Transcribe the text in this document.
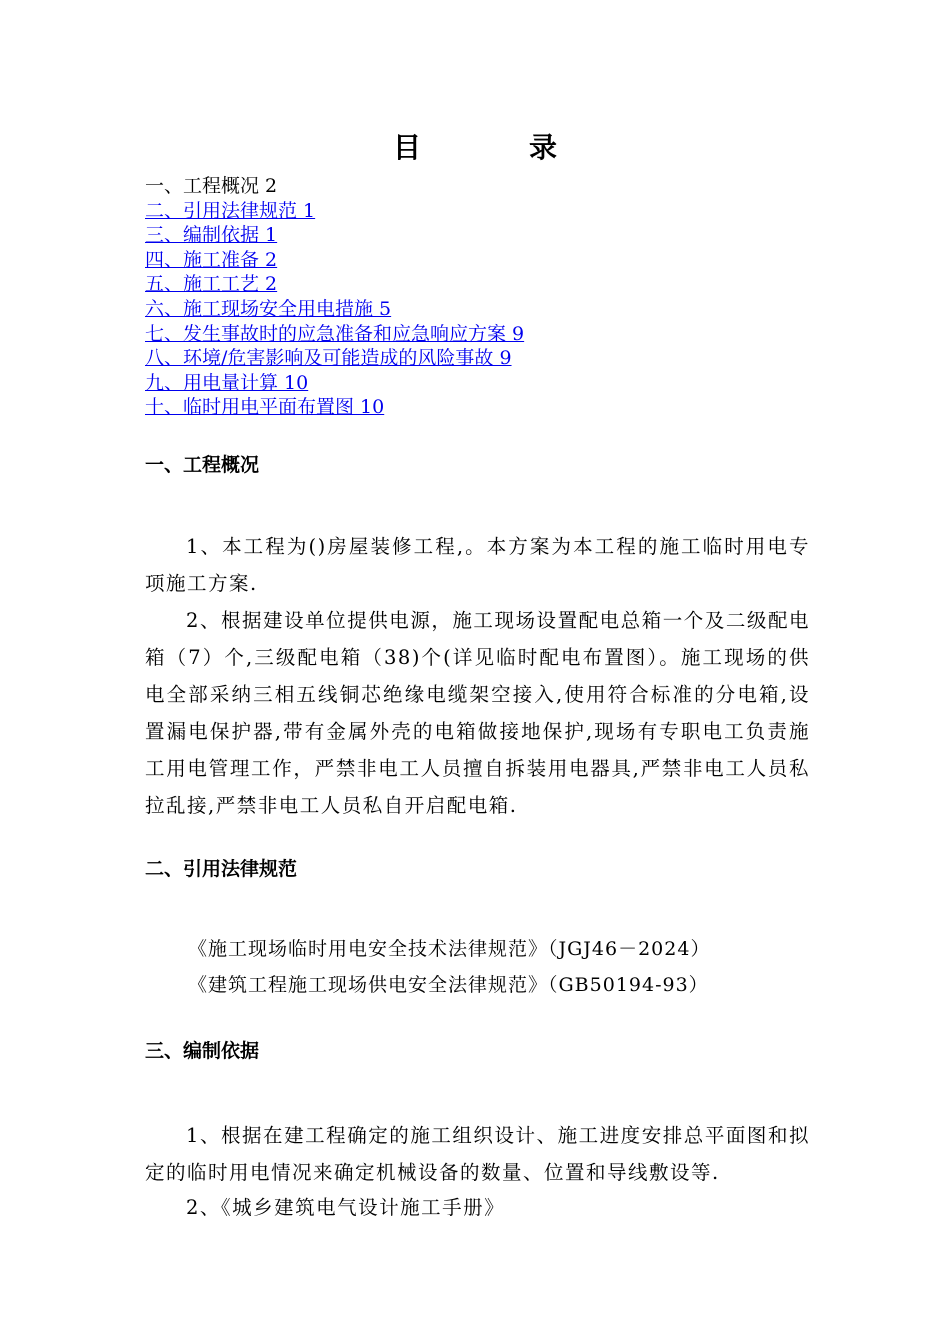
目　录
一、工程概况 2
二、引用法律规范 1
三、编制依据 1
四、施工准备 2
五、施工工艺 2
六、施工现场安全用电措施 5
七、发生事故时的应急准备和应急响应方案 9
八、环境/危害影响及可能造成的风险事故 9
九、用电量计算 10
十、临时用电平面布置图 10
一、工程概况

1、本工程为()房屋装修工程,。本方案为本工程的施工临时用电专项施工方案.

2、根据建设单位提供电源，施工现场设置配电总箱一个及二级配电箱（7）个,三级配电箱（38)个(详见临时配电布置图）。施工现场的供电全部采纳三相五线铜芯绝缘电缆架空接入,使用符合标准的分电箱,设置漏电保护器,带有金属外壳的电箱做接地保护,现场有专职电工负责施工用电管理工作，严禁非电工人员擅自拆装用电器具,严禁非电工人员私拉乱接,严禁非电工人员私自开启配电箱.

二、引用法律规范
《施工现场临时用电安全技术法律规范》（JGJ46－2024）
《建筑工程施工现场供电安全法律规范》（GB50194-93）
三、编制依据

1、根据在建工程确定的施工组织设计、施工进度安排总平面图和拟定的临时用电情况来确定机械设备的数量、位置和导线敷设等.

2、《城乡建筑电气设计施工手册》
